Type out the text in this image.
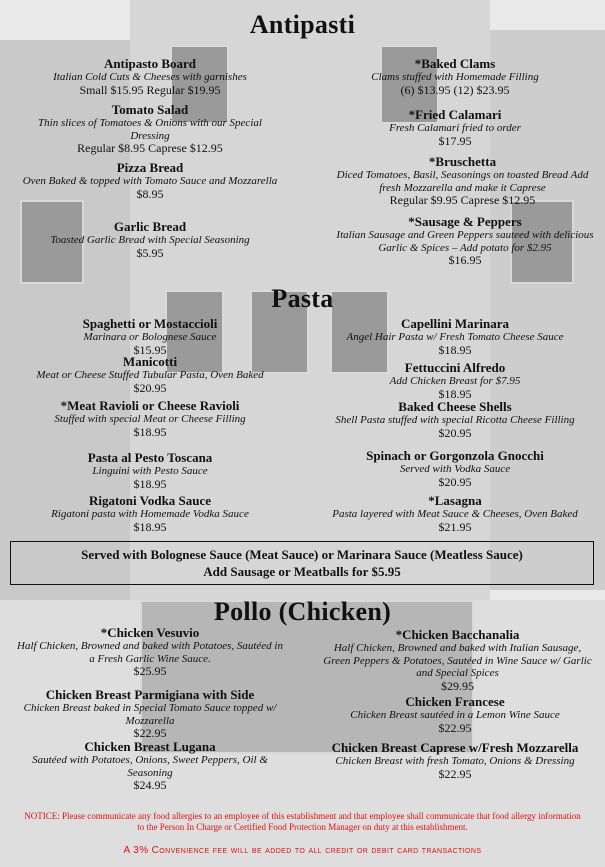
Antipasti
Antipasto Board
Italian Cold Cuts & Cheeses with garnishes
Small $15.95 Regular $19.95
*Baked Clams
Clams stuffed with Homemade Filling
(6) $13.95 (12) $23.95
Tomato Salad
Thin slices of Tomatoes & Onions with our Special Dressing
Regular $8.95 Caprese $12.95
*Fried Calamari
Fresh Calamari fried to order
$17.95
Pizza Bread
Oven Baked & topped with Tomato Sauce and Mozzarella
$8.95
*Bruschetta
Diced Tomatoes, Basil, Seasonings on toasted Bread Add fresh Mozzarella and make it Caprese
Regular $9.95 Caprese $12.95
Garlic Bread
Toasted Garlic Bread with Special Seasoning
$5.95
*Sausage & Peppers
Italian Sausage and Green Peppers sauteed with delicious Garlic & Spices – Add potato for $2.95
$16.95
Pasta
Spaghetti or Mostaccioli
Marinara or Bolognese Sauce
$15.95
Capellini Marinara
Angel Hair Pasta w/ Fresh Tomato Cheese Sauce
$18.95
Manicotti
Meat or Cheese Stuffed Tubular Pasta, Oven Baked
$20.95
Fettuccini Alfredo
Add Chicken Breast for $7.95
$18.95
*Meat Ravioli or Cheese Ravioli
Stuffed with special Meat or Cheese Filling
$18.95
Baked Cheese Shells
Shell Pasta stuffed with special Ricotta Cheese Filling
$20.95
Pasta al Pesto Toscana
Linguini with Pesto Sauce
$18.95
Spinach or Gorgonzola Gnocchi
Served with Vodka Sauce
$20.95
Rigatoni Vodka Sauce
Rigatoni pasta with Homemade Vodka Sauce
$18.95
*Lasagna
Pasta layered with Meat Sauce & Cheeses, Oven Baked
$21.95
Served with Bolognese Sauce (Meat Sauce) or Marinara Sauce (Meatless Sauce)
Add Sausage or Meatballs for $5.95
Pollo (Chicken)
*Chicken Vesuvio
Half Chicken, Browned and baked with Potatoes, Sautéed in a Fresh Garlic Wine Sauce.
$25.95
*Chicken Bacchanalia
Half Chicken, Browned and baked with Italian Sausage, Green Peppers & Potatoes, Sautéed in Wine Sauce w/ Garlic and Special Spices
$29.95
Chicken Breast Parmigiana with Side
Chicken Breast baked in Special Tomato Sauce topped w/ Mozzarella
$22.95
Chicken Francese
Chicken Breast sautéed in a Lemon Wine Sauce
$22.95
Chicken Breast Lugana
Sautéed with Potatoes, Onions, Sweet Peppers, Oil & Seasoning
$24.95
Chicken Breast Caprese w/Fresh Mozzarella
Chicken Breast with fresh Tomato, Onions & Dressing
$22.95
NOTICE: Please communicate any food allergies to an employee of this establishment and that employee shall communicate that food allergy information to the Person In Charge or Certified Food Protection Manager on duty at this establishment.
A 3% Convenience fee will be added to all credit or debit card transactions
